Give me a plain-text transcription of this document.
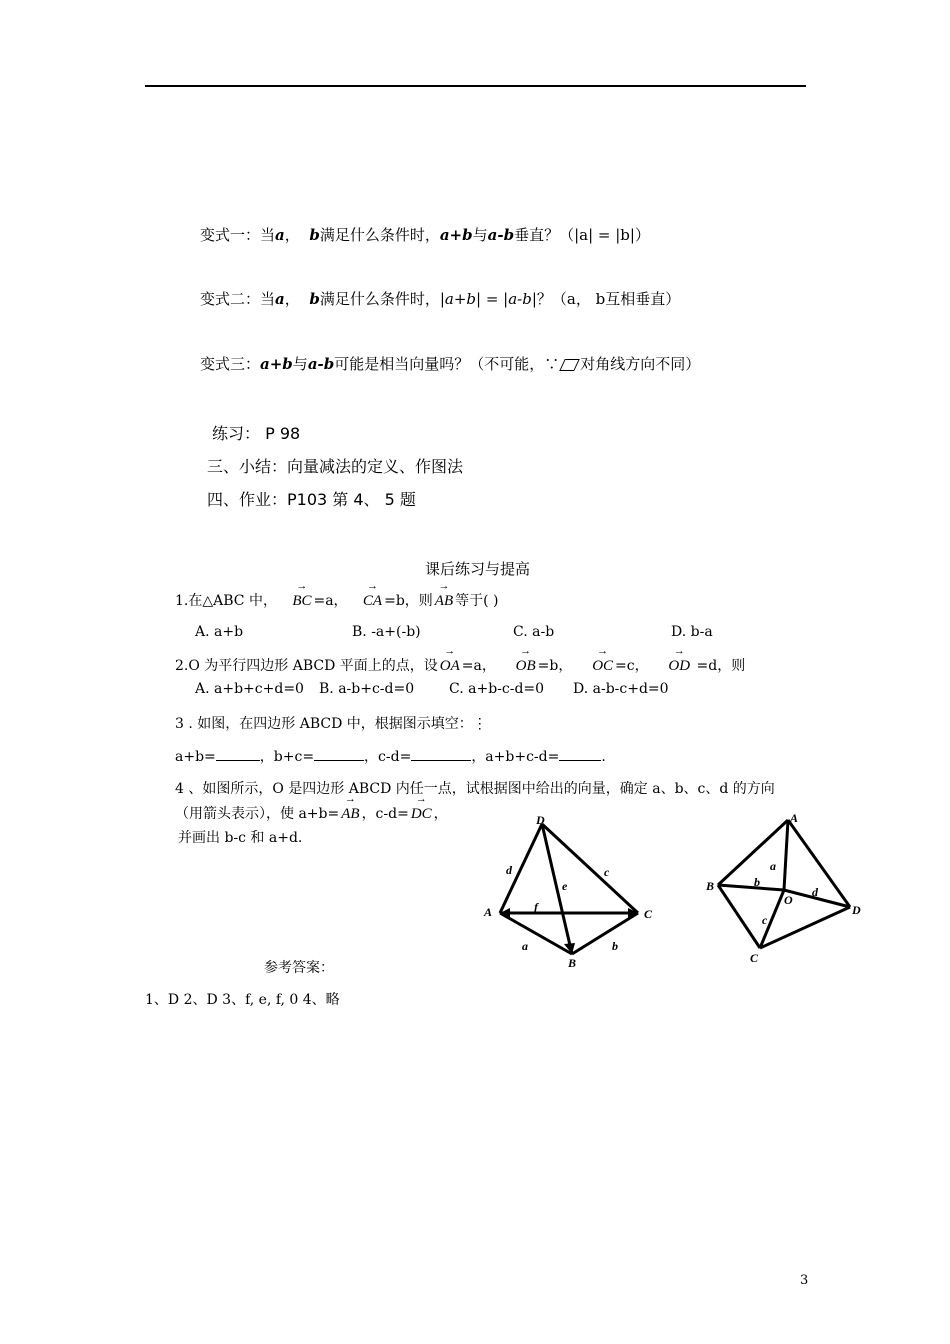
变式一：当a， b满足什么条件时，a+b与a-b垂直？（|a| = |b|）
变式二：当a， b满足什么条件时，|a+b| = |a-b|？（a， b互相垂直）
变式三：a+b与a-b可能是相当向量吗？（不可能，∵ 对角线方向不同）
练习： P 98
三、小结：向量减法的定义、作图法
四、作业：P103 第 4、 5 题
课后练习与提高
1.在△ABC 中， → BC =a， → CA =b，则 → AB 等于( )
A. a+b	B. -a+(-b)	C. a-b	D. b-a
2.O 为平行四边形 ABCD 平面上的点，设 → OA =a， → OB =b， → OC =c， → OD =d，则
A. a+b+c+d=0 B. a-b+c-d=0 C. a+b-c-d=0 D. a-b-c+d=0
3 . 如图，在四边形 ABCD 中，根据图示填空：⋮
a+b=	，b+c=	，c-d=	，a+b+c-d=	.
4 、如图所示，O 是四边形 ABCD 内任一点，试根据图中给出的向量，确定 a、b、c、d 的方向
（用箭头表示），使 a+b= → AB ，c-d= → DC ，
并画出 b-c 和 a+d.
D
A
B
C
d	c
e
f
a	b
A
B
C
D
O
a
b
c
d
参考答案：
1、D 2、D 3、f, e, f, 0 4、略
3
